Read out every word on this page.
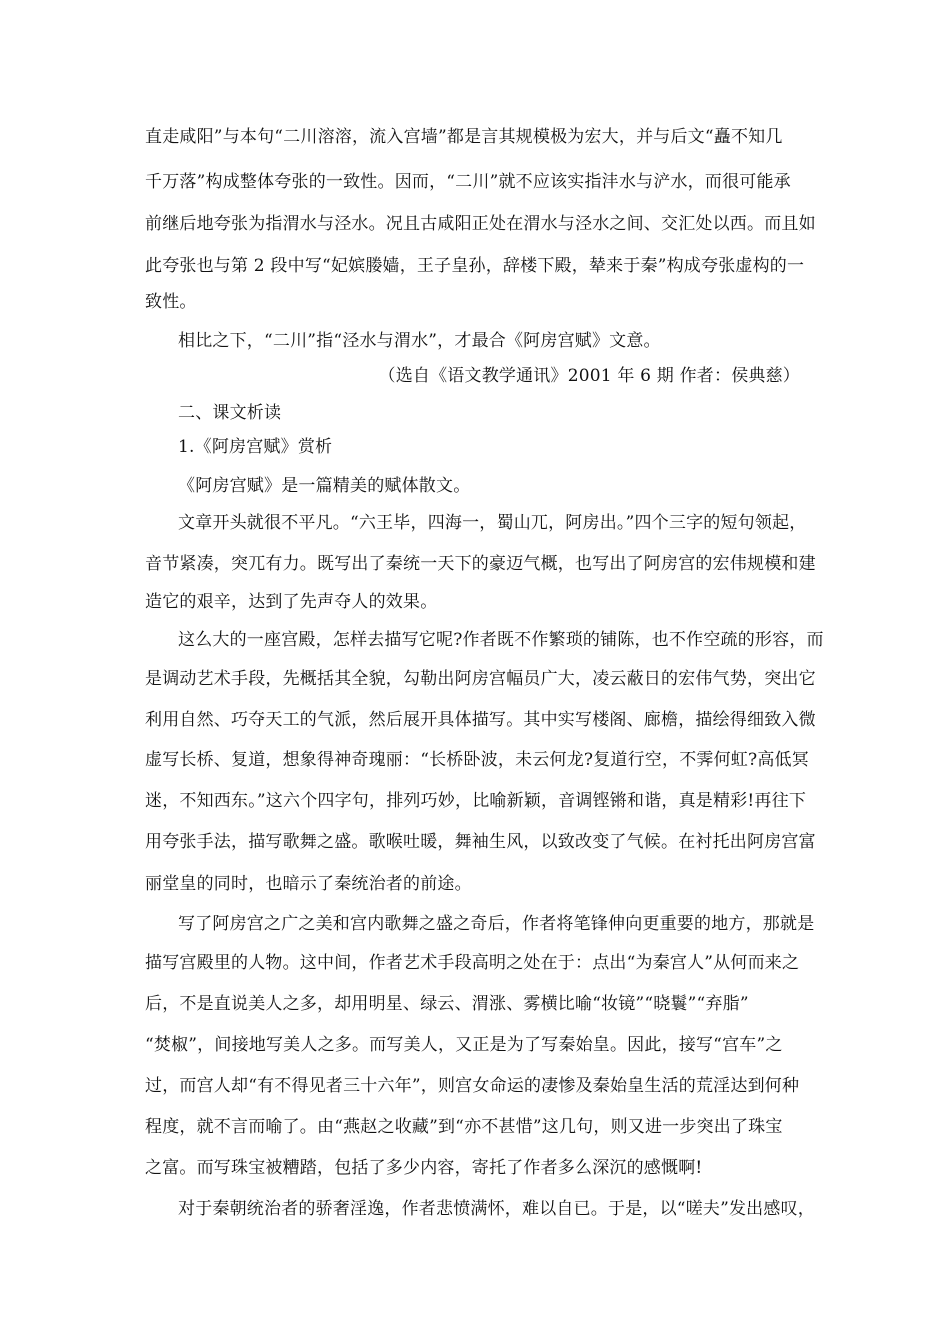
直走咸阳”与本句“二川溶溶，流入宫墙”都是言其规模极为宏大，并与后文“矗不知几
千万落”构成整体夸张的一致性。因而，“二川”就不应该实指沣水与浐水，而很可能承
前继后地夸张为指渭水与泾水。况且古咸阳正处在渭水与泾水之间、交汇处以西。而且如
此夸张也与第 2 段中写“妃嫔媵嫱，王子皇孙，辞楼下殿，辇来于秦”构成夸张虚构的一
致性。
相比之下，“二川”指“泾水与渭水”，才最合《阿房宫赋》文意。
（选自《语文教学通讯》2001 年 6 期 作者：侯典慈）
二、课文析读
1.《阿房宫赋》赏析
《阿房宫赋》是一篇精美的赋体散文。
文章开头就很不平凡。“六王毕，四海一，蜀山兀，阿房出。”四个三字的短句领起，
音节紧凑，突兀有力。既写出了秦统一天下的豪迈气概，也写出了阿房宫的宏伟规模和建
造它的艰辛，达到了先声夺人的效果。
这么大的一座宫殿，怎样去描写它呢?作者既不作繁琐的铺陈，也不作空疏的形容，而
是调动艺术手段，先概括其全貌，勾勒出阿房宫幅员广大，凌云蔽日的宏伟气势，突出它
利用自然、巧夺天工的气派，然后展开具体描写。其中实写楼阁、廊檐，描绘得细致入微
虚写长桥、复道，想象得神奇瑰丽：“长桥卧波，未云何龙?复道行空，不霁何虹?高低冥
迷，不知西东。”这六个四字句，排列巧妙，比喻新颖，音调铿锵和谐，真是精彩!再往下
用夸张手法，描写歌舞之盛。歌喉吐暖，舞袖生风，以致改变了气候。在衬托出阿房宫富
丽堂皇的同时，也暗示了秦统治者的前途。
写了阿房宫之广之美和宫内歌舞之盛之奇后，作者将笔锋伸向更重要的地方，那就是
描写宫殿里的人物。这中间，作者艺术手段高明之处在于：点出“为秦宫人”从何而来之
后，不是直说美人之多，却用明星、绿云、渭涨、雾横比喻“妆镜”“晓鬟”“弃脂”
“焚椒”，间接地写美人之多。而写美人，又正是为了写秦始皇。因此，接写“宫车”之
过，而宫人却“有不得见者三十六年”，则宫女命运的凄惨及秦始皇生活的荒淫达到何种
程度，就不言而喻了。由“燕赵之收藏”到“亦不甚惜”这几句，则又进一步突出了珠宝
之富。而写珠宝被糟踏，包括了多少内容，寄托了作者多么深沉的感慨啊!
对于秦朝统治者的骄奢淫逸，作者悲愤满怀，难以自已。于是，以“嗟夫”发出感叹，
